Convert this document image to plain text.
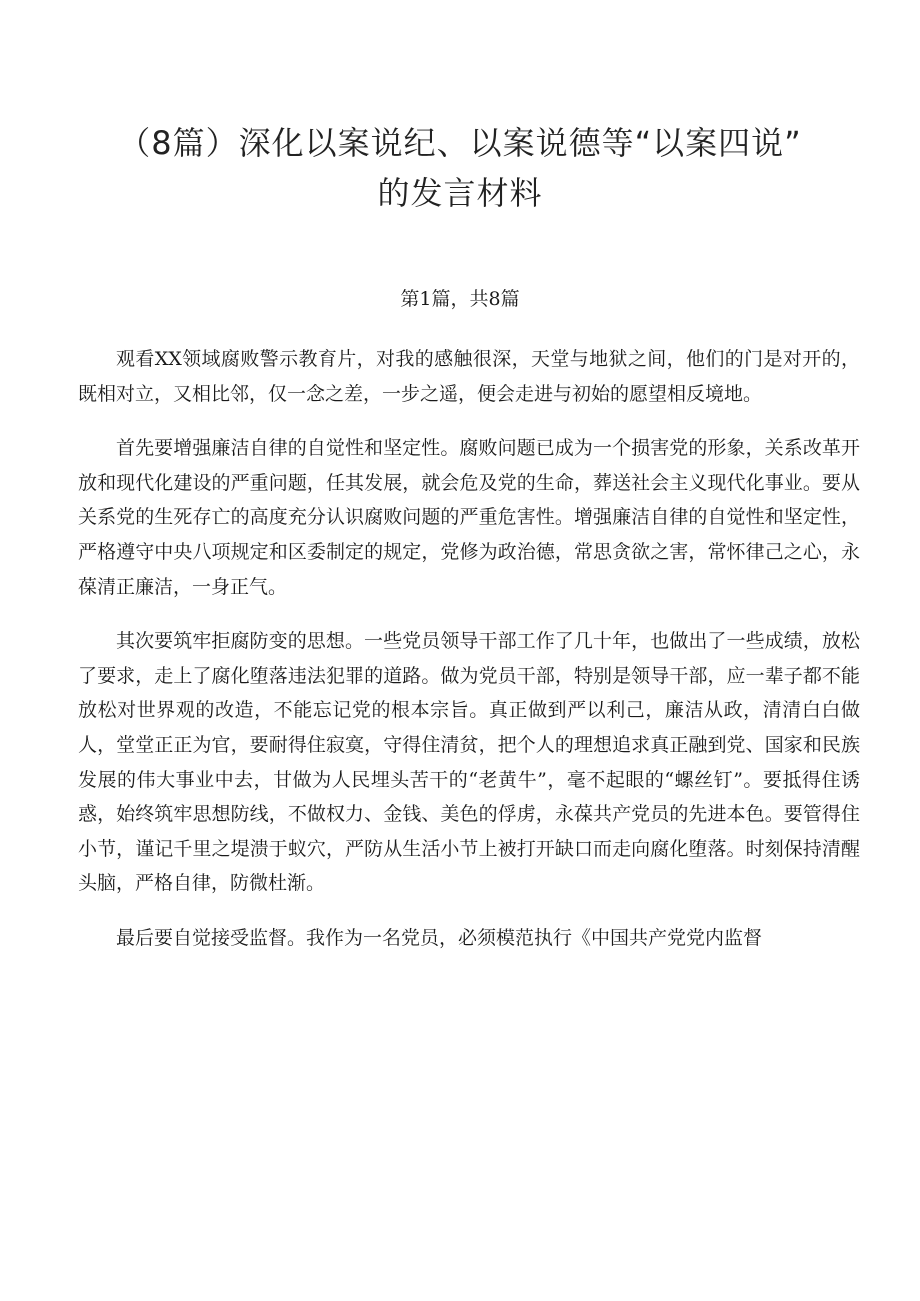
（8篇）深化以案说纪、以案说德等“以案四说”
的发言材料
第1篇，共8篇

观看XX领域腐败警示教育片，对我的感触很深，天堂与地狱之间，他们的门是对开的，既相对立，又相比邻，仅一念之差，一步之遥，便会走进与初始的愿望相反境地。

首先要增强廉洁自律的自觉性和坚定性。腐败问题已成为一个损害党的形象，关系改革开放和现代化建设的严重问题，任其发展，就会危及党的生命，葬送社会主义现代化事业。要从关系党的生死存亡的高度充分认识腐败问题的严重危害性。增强廉洁自律的自觉性和坚定性，严格遵守中央八项规定和区委制定的规定，党修为政治德，常思贪欲之害，常怀律己之心，永葆清正廉洁，一身正气。

其次要筑牢拒腐防变的思想。一些党员领导干部工作了几十年，也做出了一些成绩，放松了要求，走上了腐化堕落违法犯罪的道路。做为党员干部，特别是领导干部，应一辈子都不能放松对世界观的改造，不能忘记党的根本宗旨。真正做到严以利己，廉洁从政，清清白白做人，堂堂正正为官，要耐得住寂寞，守得住清贫，把个人的理想追求真正融到党、国家和民族发展的伟大事业中去，甘做为人民埋头苦干的“老黄牛”，毫不起眼的“螺丝钉”。要抵得住诱惑，始终筑牢思想防线，不做权力、金钱、美色的俘虏，永葆共产党员的先进本色。要管得住小节，谨记千里之堤溃于蚁穴，严防从生活小节上被打开缺口而走向腐化堕落。时刻保持清醒头脑，严格自律，防微杜渐。

最后要自觉接受监督。我作为一名党员，必须模范执行《中国共产党党内监督
